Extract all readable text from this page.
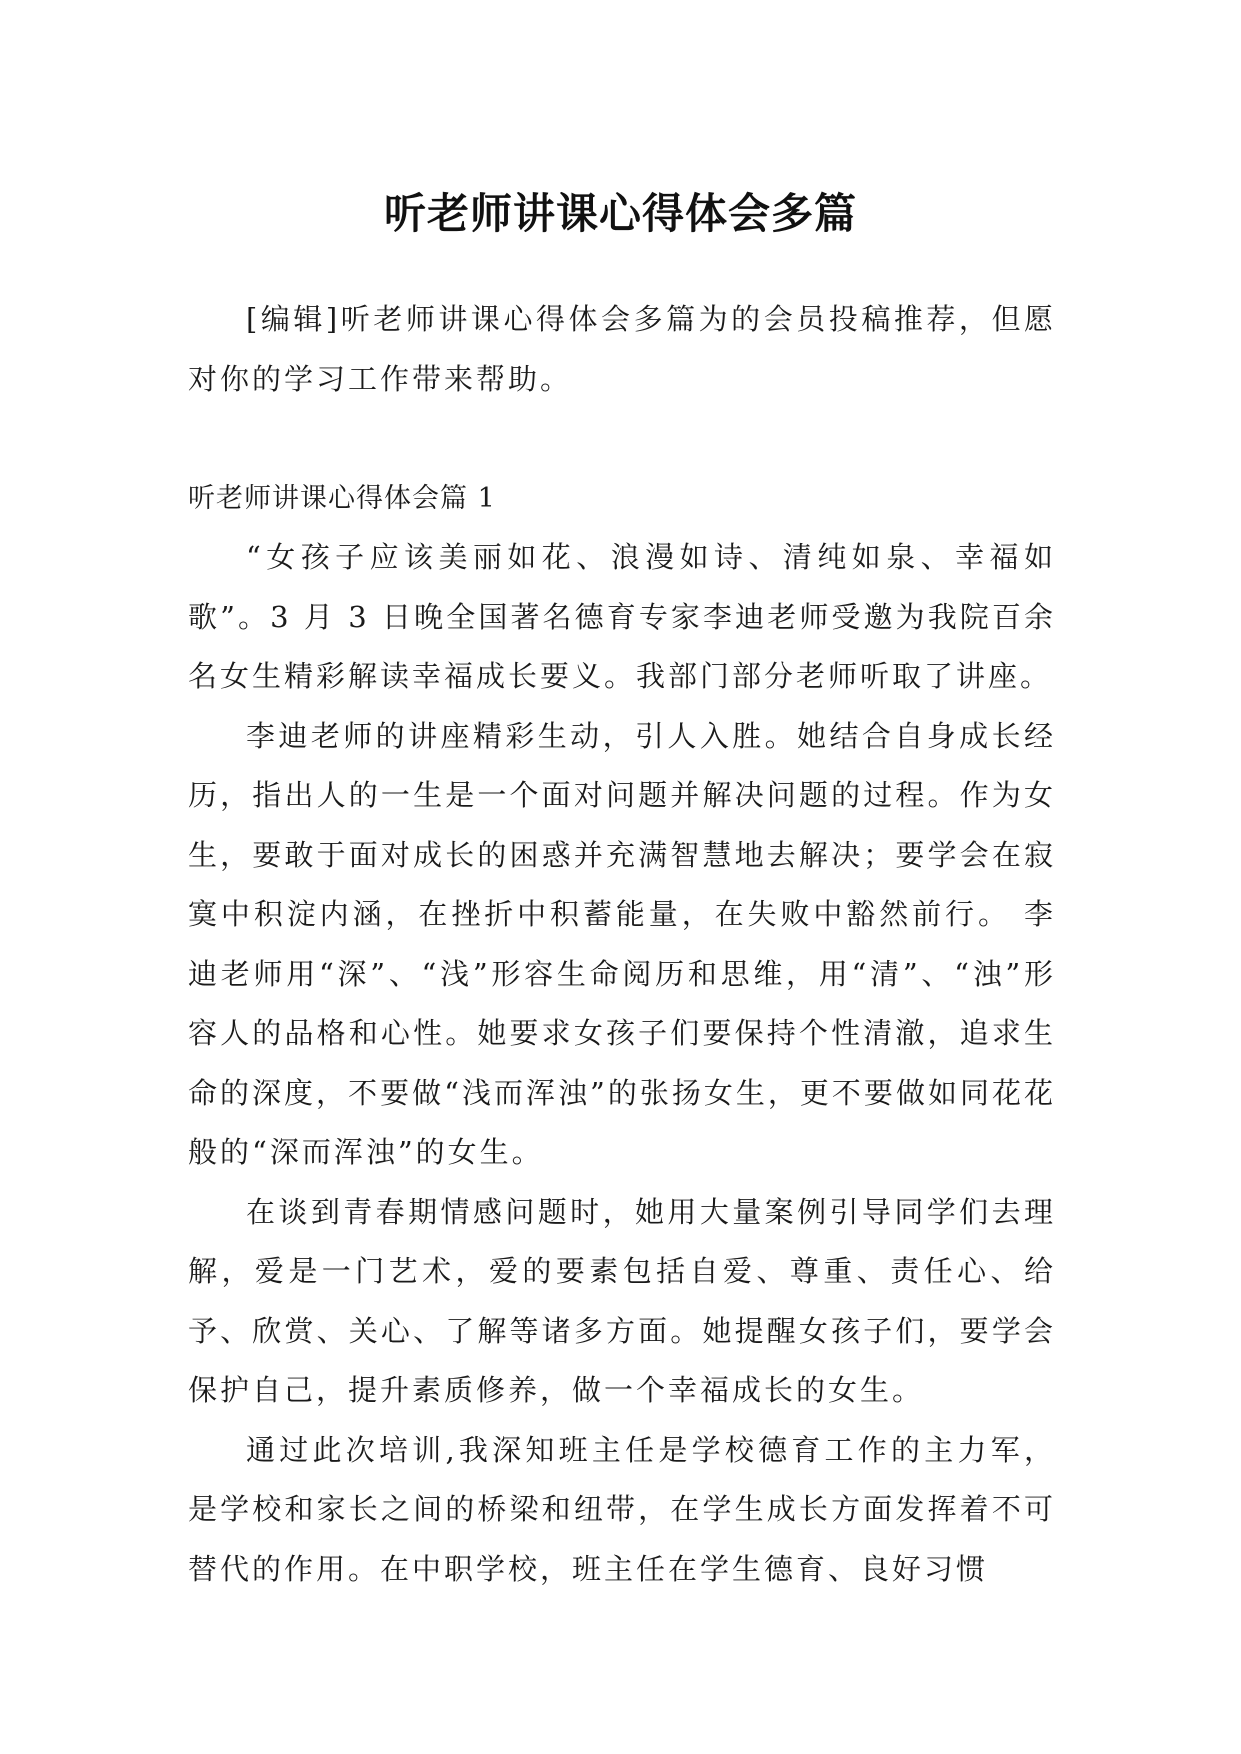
听老师讲课心得体会多篇

[编辑]听老师讲课心得体会多篇为的会员投稿推荐，但愿对你的学习工作带来帮助。

听老师讲课心得体会篇 1

“女孩子应该美丽如花、浪漫如诗、清纯如泉、幸福如歌”。3 月 3 日晚全国著名德育专家李迪老师受邀为我院百余名女生精彩解读幸福成长要义。我部门部分老师听取了讲座。

李迪老师的讲座精彩生动，引人入胜。她结合自身成长经历，指出人的一生是一个面对问题并解决问题的过程。作为女生，要敢于面对成长的困惑并充满智慧地去解决；要学会在寂寞中积淀内涵，在挫折中积蓄能量，在失败中豁然前行。 李迪老师用“深”、“浅”形容生命阅历和思维，用“清”、“浊”形容人的品格和心性。她要求女孩子们要保持个性清澈，追求生命的深度，不要做“浅而浑浊”的张扬女生，更不要做如同花花般的“深而浑浊”的女生。

在谈到青春期情感问题时，她用大量案例引导同学们去理解，爱是一门艺术，爱的要素包括自爱、尊重、责任心、给予、欣赏、关心、了解等诸多方面。她提醒女孩子们，要学会保护自己，提升素质修养，做一个幸福成长的女生。

通过此次培训,我深知班主任是学校德育工作的主力军，是学校和家长之间的桥梁和纽带，在学生成长方面发挥着不可替代的作用。在中职学校，班主任在学生德育、良好习惯
